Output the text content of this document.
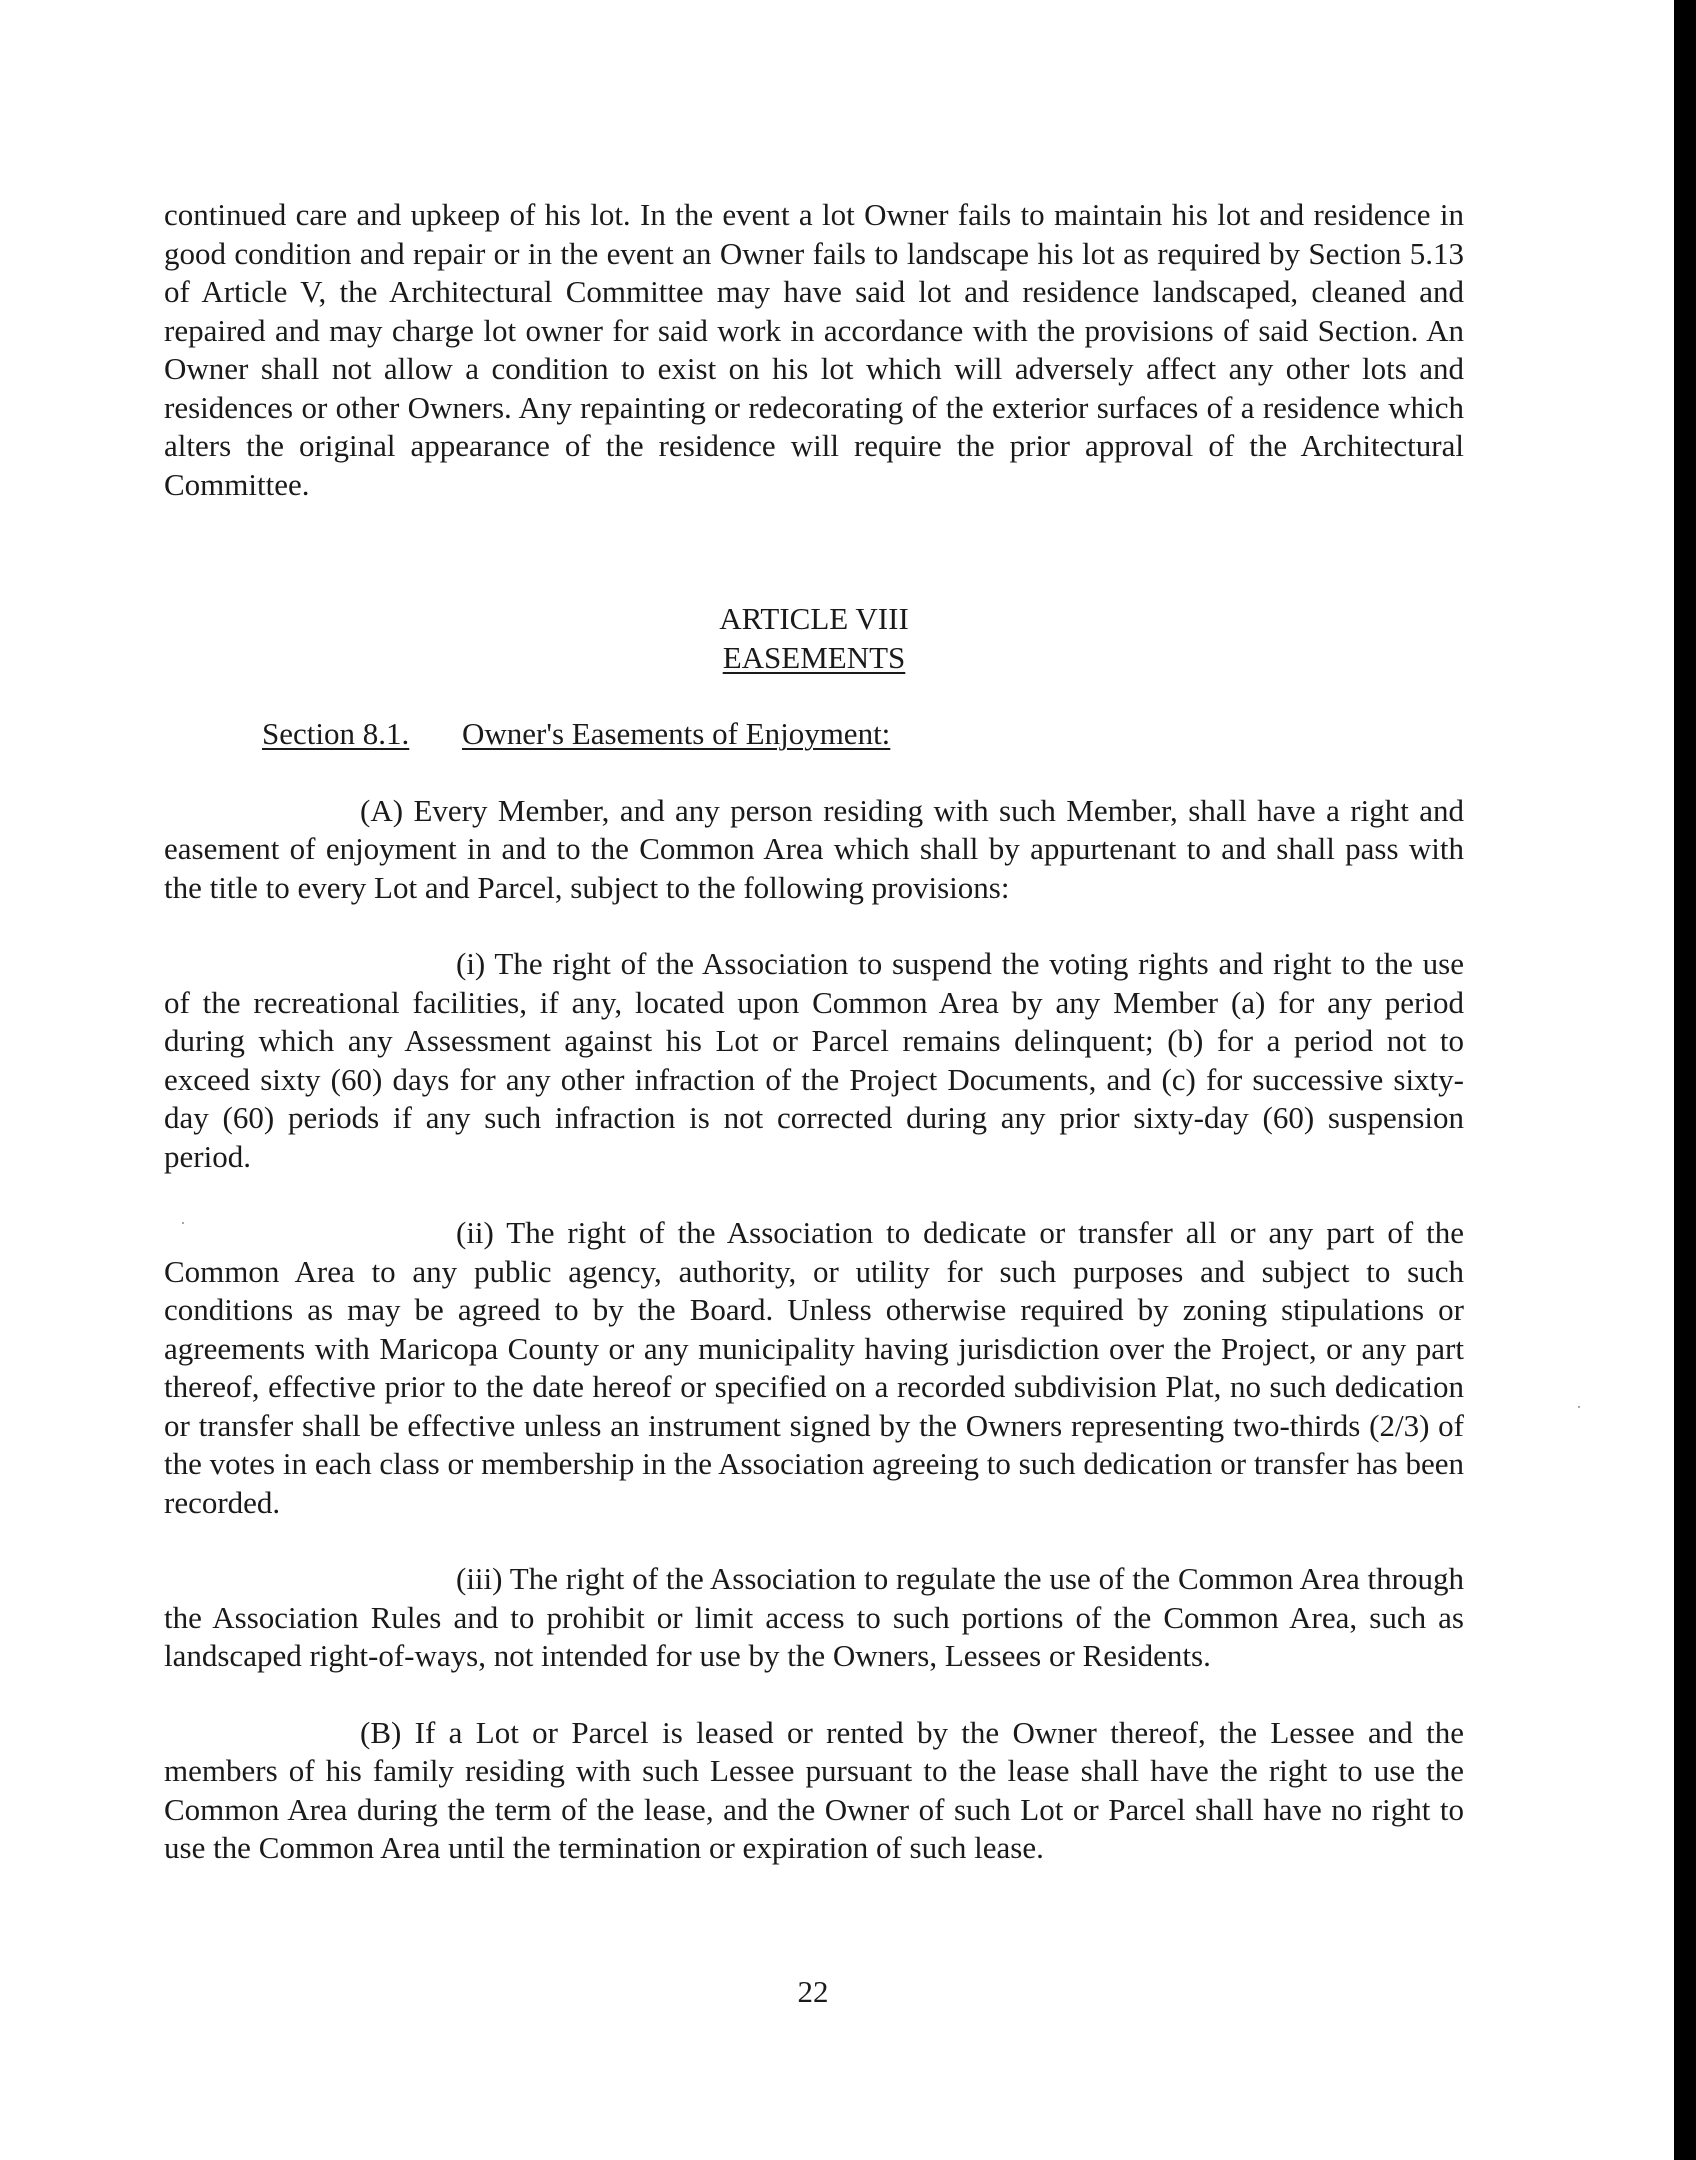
continued care and upkeep of his lot. In the event a lot Owner fails to maintain his lot and residence in good condition and repair or in the event an Owner fails to landscape his lot as required by Section 5.13 of Article V, the Architectural Committee may have said lot and residence landscaped, cleaned and repaired and may charge lot owner for said work in accordance with the provisions of said Section. An Owner shall not allow a condition to exist on his lot which will adversely affect any other lots and residences or other Owners. Any repainting or redecorating of the exterior surfaces of a residence which alters the original appearance of the residence will require the prior approval of the Architectural Committee.

ARTICLE VIII

EASEMENTS

Section 8.1. Owner's Easements of Enjoyment:

(A) Every Member, and any person residing with such Member, shall have a right and easement of enjoyment in and to the Common Area which shall by appurtenant to and shall pass with the title to every Lot and Parcel, subject to the following provisions:

(i) The right of the Association to suspend the voting rights and right to the use of the recreational facilities, if any, located upon Common Area by any Member (a) for any period during which any Assessment against his Lot or Parcel remains delinquent; (b) for a period not to exceed sixty (60) days for any other infraction of the Project Documents, and (c) for successive sixty-day (60) periods if any such infraction is not corrected during any prior sixty-day (60) suspension period.

(ii) The right of the Association to dedicate or transfer all or any part of the Common Area to any public agency, authority, or utility for such purposes and subject to such conditions as may be agreed to by the Board. Unless otherwise required by zoning stipulations or agreements with Maricopa County or any municipality having jurisdiction over the Project, or any part thereof, effective prior to the date hereof or specified on a recorded subdivision Plat, no such dedication or transfer shall be effective unless an instrument signed by the Owners representing two-thirds (2/3) of the votes in each class or membership in the Association agreeing to such dedication or transfer has been recorded.

(iii) The right of the Association to regulate the use of the Common Area through the Association Rules and to prohibit or limit access to such portions of the Common Area, such as landscaped right-of-ways, not intended for use by the Owners, Lessees or Residents.

(B) If a Lot or Parcel is leased or rented by the Owner thereof, the Lessee and the members of his family residing with such Lessee pursuant to the lease shall have the right to use the Common Area during the term of the lease, and the Owner of such Lot or Parcel shall have no right to use the Common Area until the termination or expiration of such lease.

22
